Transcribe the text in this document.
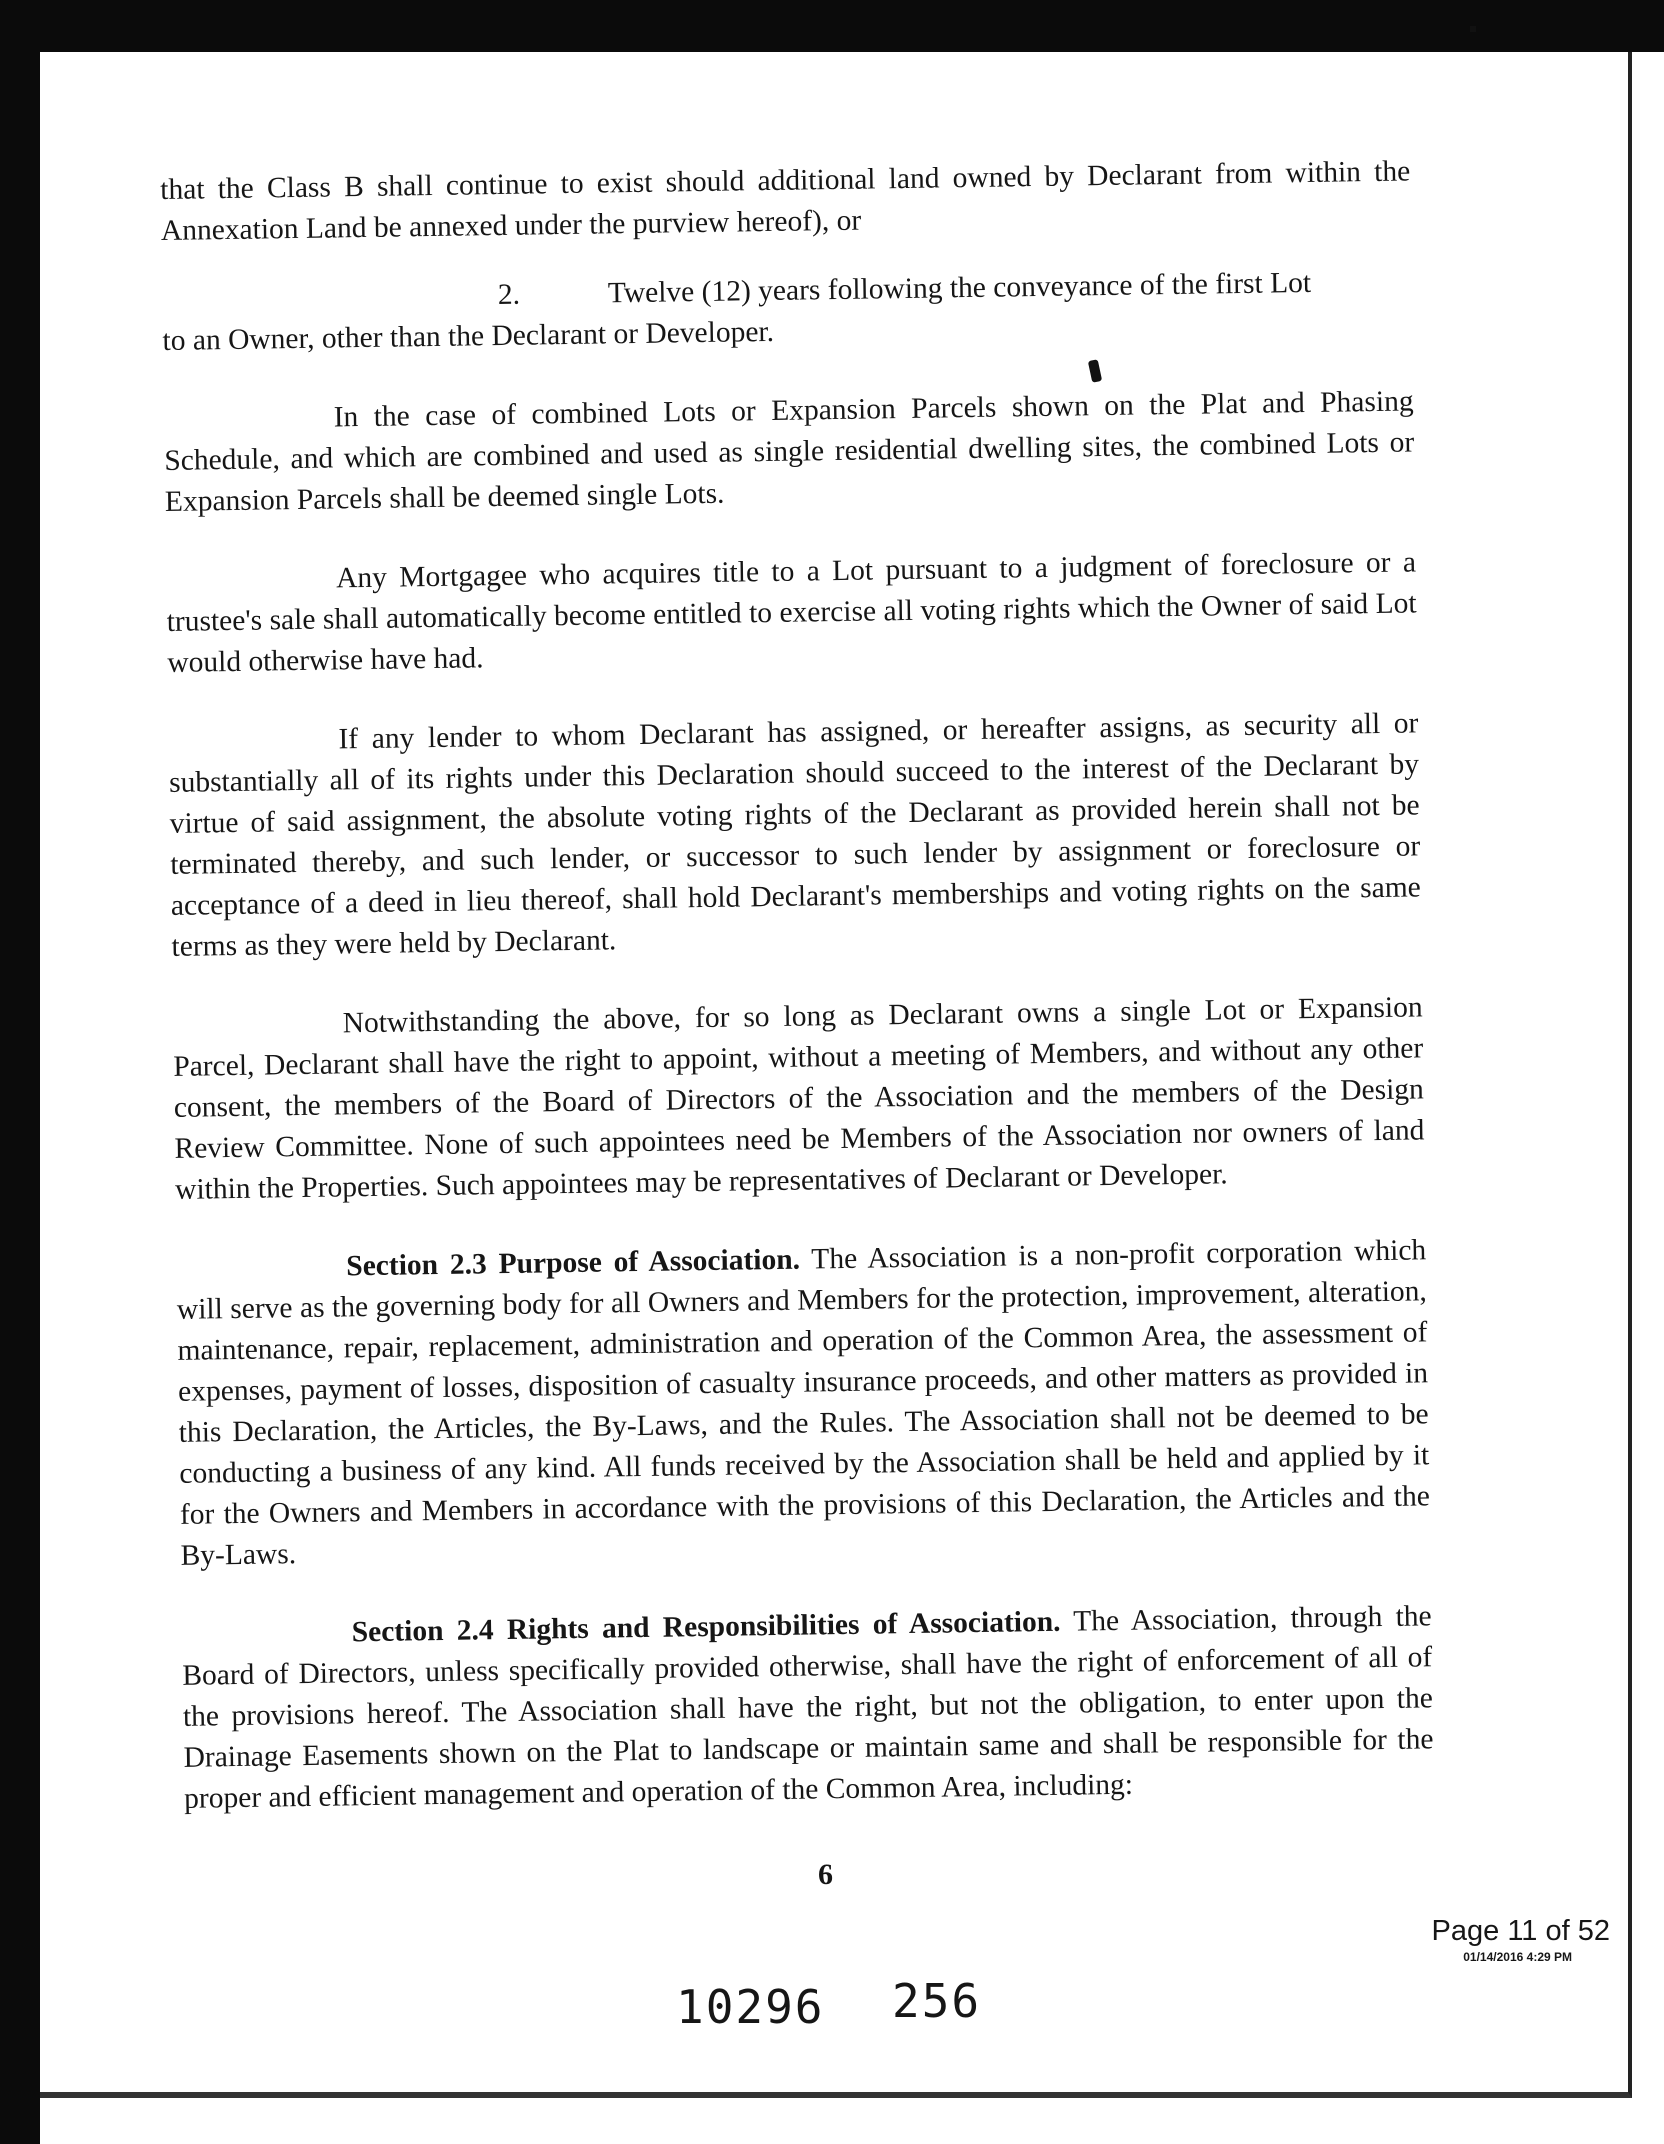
that the Class B shall continue to exist should additional land owned by Declarant from within the Annexation Land be annexed under the purview hereof), or

2.	Twelve (12) years following the conveyance of the first Lot

to an Owner, other than the Declarant or Developer.

In the case of combined Lots or Expansion Parcels shown on the Plat and Phasing Schedule, and which are combined and used as single residential dwelling sites, the combined Lots or Expansion Parcels shall be deemed single Lots.

Any Mortgagee who acquires title to a Lot pursuant to a judgment of foreclosure or a trustee's sale shall automatically become entitled to exercise all voting rights which the Owner of said Lot would otherwise have had.

If any lender to whom Declarant has assigned, or hereafter assigns, as security all or substantially all of its rights under this Declaration should succeed to the interest of the Declarant by virtue of said assignment, the absolute voting rights of the Declarant as provided herein shall not be terminated thereby, and such lender, or successor to such lender by assignment or foreclosure or acceptance of a deed in lieu thereof, shall hold Declarant's memberships and voting rights on the same terms as they were held by Declarant.

Notwithstanding the above, for so long as Declarant owns a single Lot or Expansion Parcel, Declarant shall have the right to appoint, without a meeting of Members, and without any other consent, the members of the Board of Directors of the Association and the members of the Design Review Committee. None of such appointees need be Members of the Association nor owners of land within the Properties. Such appointees may be representatives of Declarant or Developer.

Section 2.3 Purpose of Association. The Association is a non-profit corporation which will serve as the governing body for all Owners and Members for the protection, improvement, alteration, maintenance, repair, replacement, administration and operation of the Common Area, the assessment of expenses, payment of losses, disposition of casualty insurance proceeds, and other matters as provided in this Declaration, the Articles, the By-Laws, and the Rules. The Association shall not be deemed to be conducting a business of any kind. All funds received by the Association shall be held and applied by it for the Owners and Members in accordance with the provisions of this Declaration, the Articles and the By-Laws.

Section 2.4 Rights and Responsibilities of Association. The Association, through the Board of Directors, unless specifically provided otherwise, shall have the right of enforcement of all of the provisions hereof. The Association shall have the right, but not the obligation, to enter upon the Drainage Easements shown on the Plat to landscape or maintain same and shall be responsible for the proper and efficient management and operation of the Common Area, including:

6
Page 11 of 52
01/14/2016 4:29 PM
10296 256
